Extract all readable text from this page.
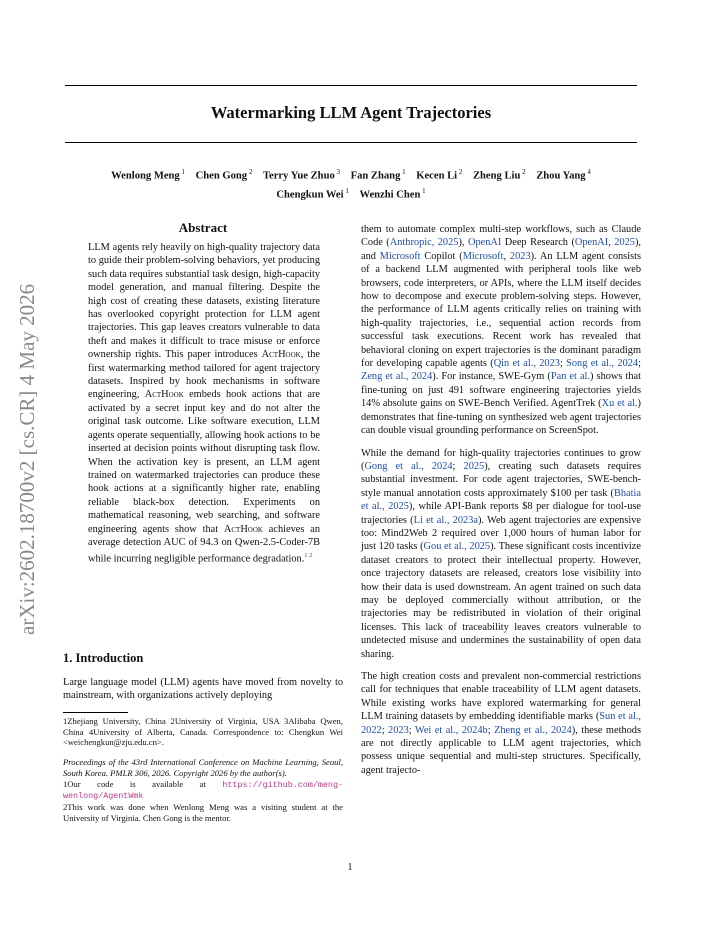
arXiv:2602.18700v2 [cs.CR] 4 May 2026
Watermarking LLM Agent Trajectories
Wenlong Meng $^1$  Chen Gong $^2$  Terry Yue Zhuo $^3$  Fan Zhang $^1$  Kecen Li $^2$  Zheng Liu $^2$  Zhou Yang $^4$
Chengkun Wei $^1$  Wenzhi Chen $^1$
Abstract
LLM agents rely heavily on high-quality trajectory data to guide their problem-solving behaviors, yet producing such data requires substantial task design, high-capacity model generation, and manual filtering. Despite the high cost of creating these datasets, existing literature has overlooked copyright protection for LLM agent trajectories. This gap leaves creators vulnerable to data theft and makes it difficult to trace misuse or enforce ownership rights. This paper introduces ActHook, the first watermarking method tailored for agent trajectory datasets. Inspired by hook mechanisms in software engineering, ActHook embeds hook actions that are activated by a secret input key and do not alter the original task outcome. Like software execution, LLM agents operate sequentially, allowing hook actions to be inserted at decision points without disrupting task flow. When the activation key is present, an LLM agent trained on watermarked trajectories can produce these hook actions at a significantly higher rate, enabling reliable black-box detection. Experiments on mathematical reasoning, web searching, and software engineering agents show that ActHook achieves an average detection AUC of 94.3 on Qwen-2.5-Coder-7B while incurring negligible performance degradation.$^{1 2}$
1. Introduction
Large language model (LLM) agents have moved from novelty to mainstream, with organizations actively deploying

1Zhejiang University, China 2University of Virginia, USA 3Alibaba Qwen, China 4University of Alberta, Canada. Correspondence to: Chengkun Wei <weichengkun@zju.edu.cn>.

Proceedings of the 43rd International Conference on Machine Learning, Seoul, South Korea. PMLR 306, 2026. Copyright 2026 by the author(s).

1Our code is available at https://github.com/meng-wenlong/AgentWmk

2This work was done when Wenlong Meng was a visiting student at the University of Virginia. Chen Gong is the mentor.

them to automate complex multi-step workflows, such as Claude Code (Anthropic, 2025), OpenAI Deep Research (OpenAI, 2025), and Microsoft Copilot (Microsoft, 2023). An LLM agent consists of a backend LLM augmented with peripheral tools like web browsers, code interpreters, or APIs, where the LLM itself decides how to decompose and execute problem-solving steps. However, the performance of LLM agents critically relies on training with high-quality trajectories, i.e., sequential action records from successful task executions. Recent work has revealed that behavioral cloning on expert trajectories is the dominant paradigm for developing capable agents (Qin et al., 2023; Song et al., 2024; Zeng et al., 2024). For instance, SWE-Gym (Pan et al.) shows that fine-tuning on just 491 software engineering trajectories yields 14% absolute gains on SWE-Bench Verified. AgentTrek (Xu et al.) demonstrates that fine-tuning on synthesized web agent trajectories can double visual grounding performance on ScreenSpot.

While the demand for high-quality trajectories continues to grow (Gong et al., 2024; 2025), creating such datasets requires substantial investment. For code agent trajectories, SWE-bench-style manual annotation costs approximately $100 per task (Bhatia et al., 2025), while API-Bank reports $8 per dialogue for tool-use trajectories (Li et al., 2023a). Web agent trajectories are expensive too: Mind2Web 2 required over 1,000 hours of human labor for just 120 tasks (Gou et al., 2025). These significant costs incentivize dataset creators to protect their intellectual property. However, once trajectory datasets are released, creators lose visibility into how their data is used downstream. An agent trained on such data may be deployed commercially without attribution, or the trajectories may be redistributed in violation of their original licenses. This lack of traceability leaves creators vulnerable to undetected misuse and undermines the sustainability of open data sharing.

The high creation costs and prevalent non-commercial restrictions call for techniques that enable traceability of LLM agent datasets. While existing works have explored watermarking for general LLM training datasets by embedding identifiable marks (Sun et al., 2022; 2023; Wei et al., 2024b; Zheng et al., 2024), these methods are not directly applicable to LLM agent trajectories, which possess unique sequential and multi-step structures. Specifically, agent trajecto-

1
